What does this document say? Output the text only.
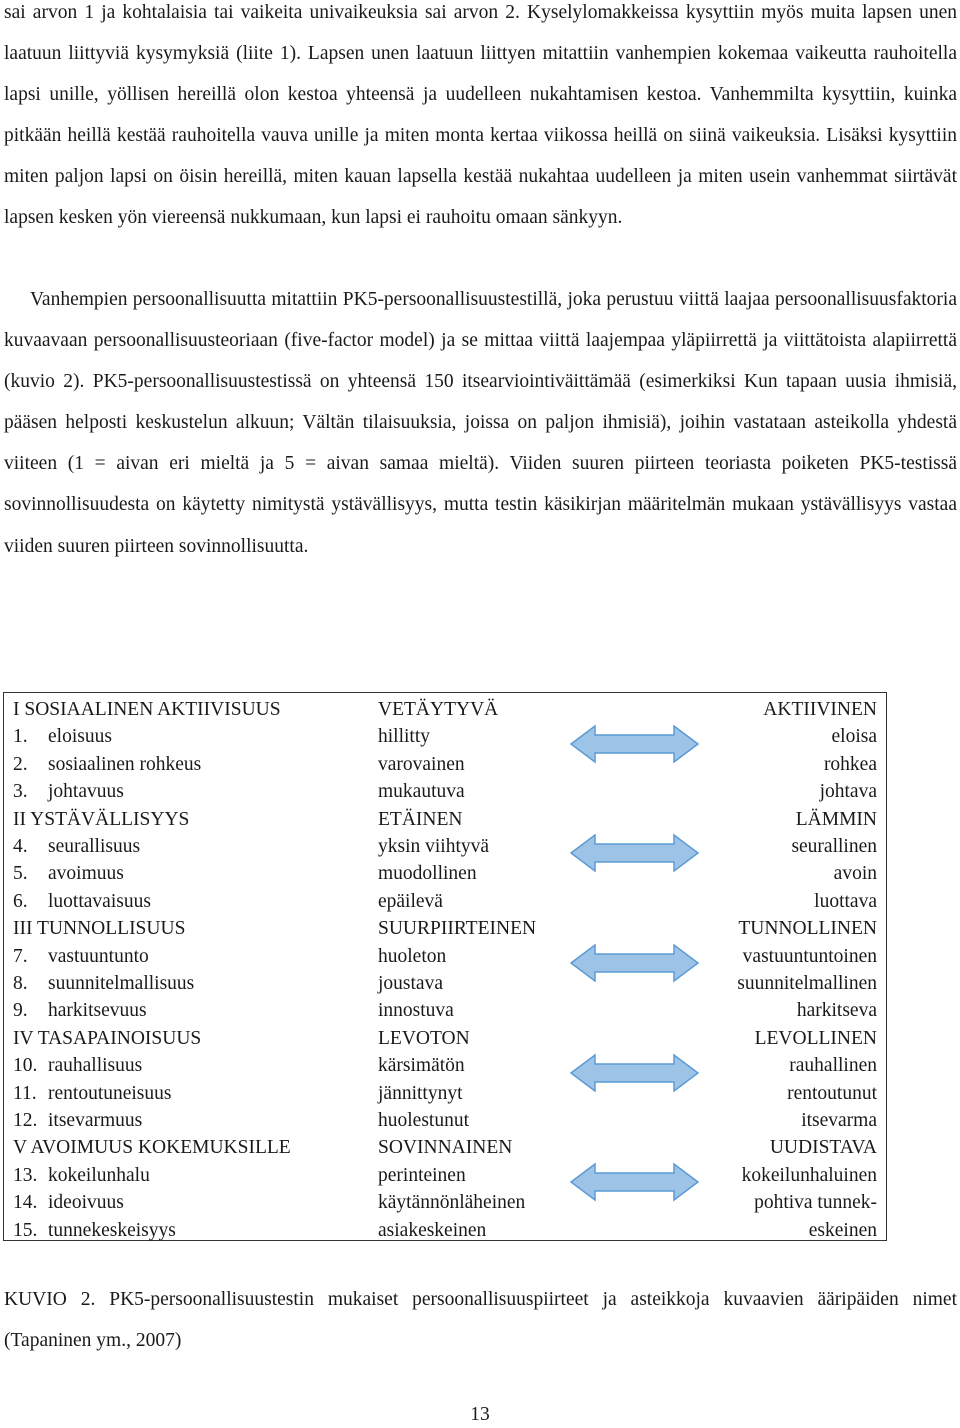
sai arvon 1 ja kohtalaisia tai vaikeita univaikeuksia sai arvon 2. Kyselylomakkeissa kysyttiin myös muita lapsen unen laatuun liittyviä kysymyksiä (liite 1). Lapsen unen laatuun liittyen mitattiin vanhempien kokemaa vaikeutta rauhoitella lapsi unille, yöllisen hereillä olon kestoa yhteensä ja uudelleen nukahtamisen kestoa. Vanhemmilta kysyttiin, kuinka pitkään heillä kestää rauhoitella vauva unille ja miten monta kertaa viikossa heillä on siinä vaikeuksia. Lisäksi kysyttiin miten paljon lapsi on öisin hereillä, miten kauan lapsella kestää nukahtaa uudelleen ja miten usein vanhemmat siirtävät lapsen kesken yön viereensä nukkumaan, kun lapsi ei rauhoitu omaan sänkyyn.

Vanhempien persoonallisuutta mitattiin PK5-persoonallisuustestillä, joka perustuu viittä laajaa persoonallisuusfaktoria kuvaavaan persoonallisuusteoriaan (five-factor model) ja se mittaa viittä laajempaa yläpiirrettä ja viittätoista alapiirrettä (kuvio 2). PK5-persoonallisuustestissä on yhteensä 150 itsearviointiväittämää (esimerkiksi Kun tapaan uusia ihmisiä, pääsen helposti keskustelun alkuun; Vältän tilaisuuksia, joissa on paljon ihmisiä), joihin vastataan asteikolla yhdestä viiteen (1 = aivan eri mieltä ja 5 = aivan samaa mieltä). Viiden suuren piirteen teoriasta poiketen PK5-testissä sovinnollisuudesta on käytetty nimitystä ystävällisyys, mutta testin käsikirjan määritelmän mukaan ystävällisyys vastaa viiden suuren piirteen sovinnollisuutta.

I SOSIAALINEN AKTIIVISUUS	VETÄYTYVÄ	AKTIIVINEN
1. eloisuus	hillitty	eloisa
2. sosiaalinen rohkeus	varovainen	rohkea
3. johtavuus	mukautuva	johtava
II YSTÄVÄLLISYYS	ETÄINEN	LÄMMIN
4. seurallisuus	yksin viihtyvä	seurallinen
5. avoimuus	muodollinen	avoin
6. luottavaisuus	epäilevä	luottava
III TUNNOLLISUUS	SUURPIIRTEINEN	TUNNOLLINEN
7. vastuuntunto	huoleton	vastuuntuntoinen
8. suunnitelmallisuus	joustava	suunnitelmallinen
9. harkitsevuus	innostuva	harkitseva
IV TASAPAINOISUUS	LEVOTON	LEVOLLINEN
10. rauhallisuus	kärsimätön	rauhallinen
11. rentoutuneisuus	jännittynyt	rentoutunut
12. itsevarmuus	huolestunut	itsevarma
V AVOIMUUS KOKEMUKSILLE	SOVINNAINEN	UUDISTAVA
13. kokeilunhalu	perinteinen	kokeilunhaluinen
14. ideoivuus	käytännönläheinen	pohtiva tunnek-
15. tunnekeskeisyys	asiakeskeinen	eskeinen

KUVIO 2. PK5-persoonallisuustestin mukaiset persoonallisuuspiirteet ja asteikkoja kuvaavien ääripäiden nimet (Tapaninen ym., 2007)

13
